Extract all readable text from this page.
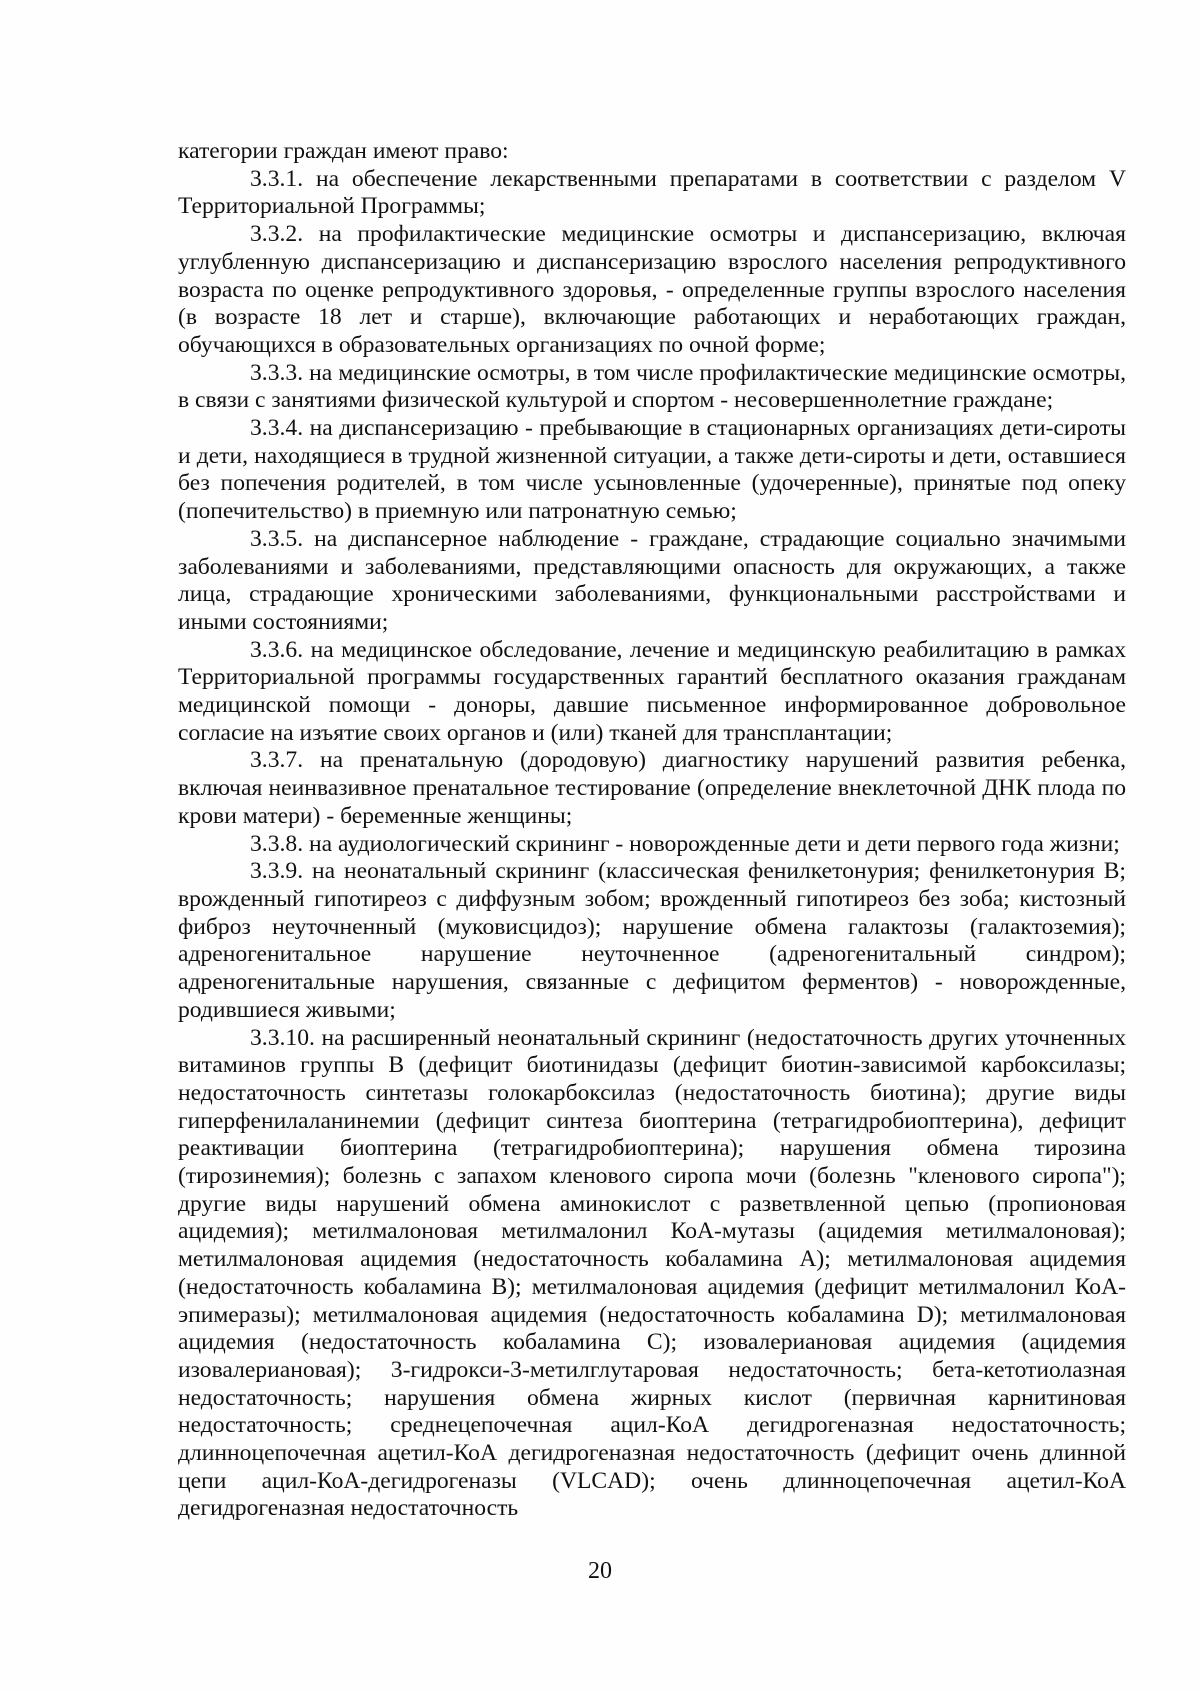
категории граждан имеют право:

3.3.1. на обеспечение лекарственными препаратами в соответствии с разделом V Территориальной Программы;

3.3.2. на профилактические медицинские осмотры и диспансеризацию, включая углубленную диспансеризацию и диспансеризацию взрослого населения репродуктивного возраста по оценке репродуктивного здоровья, - определенные группы взрослого населения (в возрасте 18 лет и старше), включающие работающих и неработающих граждан, обучающихся в образовательных организациях по очной форме;

3.3.3. на медицинские осмотры, в том числе профилактические медицинские осмотры, в связи с занятиями физической культурой и спортом - несовершеннолетние граждане;

3.3.4. на диспансеризацию - пребывающие в стационарных организациях дети-сироты и дети, находящиеся в трудной жизненной ситуации, а также дети-сироты и дети, оставшиеся без попечения родителей, в том числе усыновленные (удочеренные), принятые под опеку (попечительство) в приемную или патронатную семью;

3.3.5. на диспансерное наблюдение - граждане, страдающие социально значимыми заболеваниями и заболеваниями, представляющими опасность для окружающих, а также лица, страдающие хроническими заболеваниями, функциональными расстройствами и иными состояниями;

3.3.6. на медицинское обследование, лечение и медицинскую реабилитацию в рамках Территориальной программы государственных гарантий бесплатного оказания гражданам медицинской помощи - доноры, давшие письменное информированное добровольное согласие на изъятие своих органов и (или) тканей для трансплантации;

3.3.7. на пренатальную (дородовую) диагностику нарушений развития ребенка, включая неинвазивное пренатальное тестирование (определение внеклеточной ДНК плода по крови матери) - беременные женщины;

3.3.8. на аудиологический скрининг - новорожденные дети и дети первого года жизни;

3.3.9. на неонатальный скрининг (классическая фенилкетонурия; фенилкетонурия B; врожденный гипотиреоз с диффузным зобом; врожденный гипотиреоз без зоба; кистозный фиброз неуточненный (муковисцидоз); нарушение обмена галактозы (галактоземия); адреногенитальное нарушение неуточненное (адреногенитальный синдром); адреногенитальные нарушения, связанные с дефицитом ферментов) - новорожденные, родившиеся живыми;

3.3.10. на расширенный неонатальный скрининг (недостаточность других уточненных витаминов группы B (дефицит биотинидазы (дефицит биотин-зависимой карбоксилазы; недостаточность синтетазы голокарбоксилаз (недостаточность биотина); другие виды гиперфенилаланинемии (дефицит синтеза биоптерина (тетрагидробиоптерина), дефицит реактивации биоптерина (тетрагидробиоптерина); нарушения обмена тирозина (тирозинемия); болезнь с запахом кленового сиропа мочи (болезнь "кленового сиропа"); другие виды нарушений обмена аминокислот с разветвленной цепью (пропионовая ацидемия); метилмалоновая метилмалонил КоА-мутазы (ацидемия метилмалоновая); метилмалоновая ацидемия (недостаточность кобаламина A); метилмалоновая ацидемия (недостаточность кобаламина B); метилмалоновая ацидемия (дефицит метилмалонил КоА-эпимеразы); метилмалоновая ацидемия (недостаточность кобаламина D); метилмалоновая ацидемия (недостаточность кобаламина C); изовалериановая ацидемия (ацидемия изовалериановая); 3-гидрокси-3-метилглутаровая недостаточность; бета-кетотиолазная недостаточность; нарушения обмена жирных кислот (первичная карнитиновая недостаточность; среднецепочечная ацил-КоА дегидрогеназная недостаточность; длинноцепочечная ацетил-КоА дегидрогеназная недостаточность (дефицит очень длинной цепи ацил-КоА-дегидрогеназы (VLCAD); очень длинноцепочечная ацетил-КоА дегидрогеназная недостаточность

20
